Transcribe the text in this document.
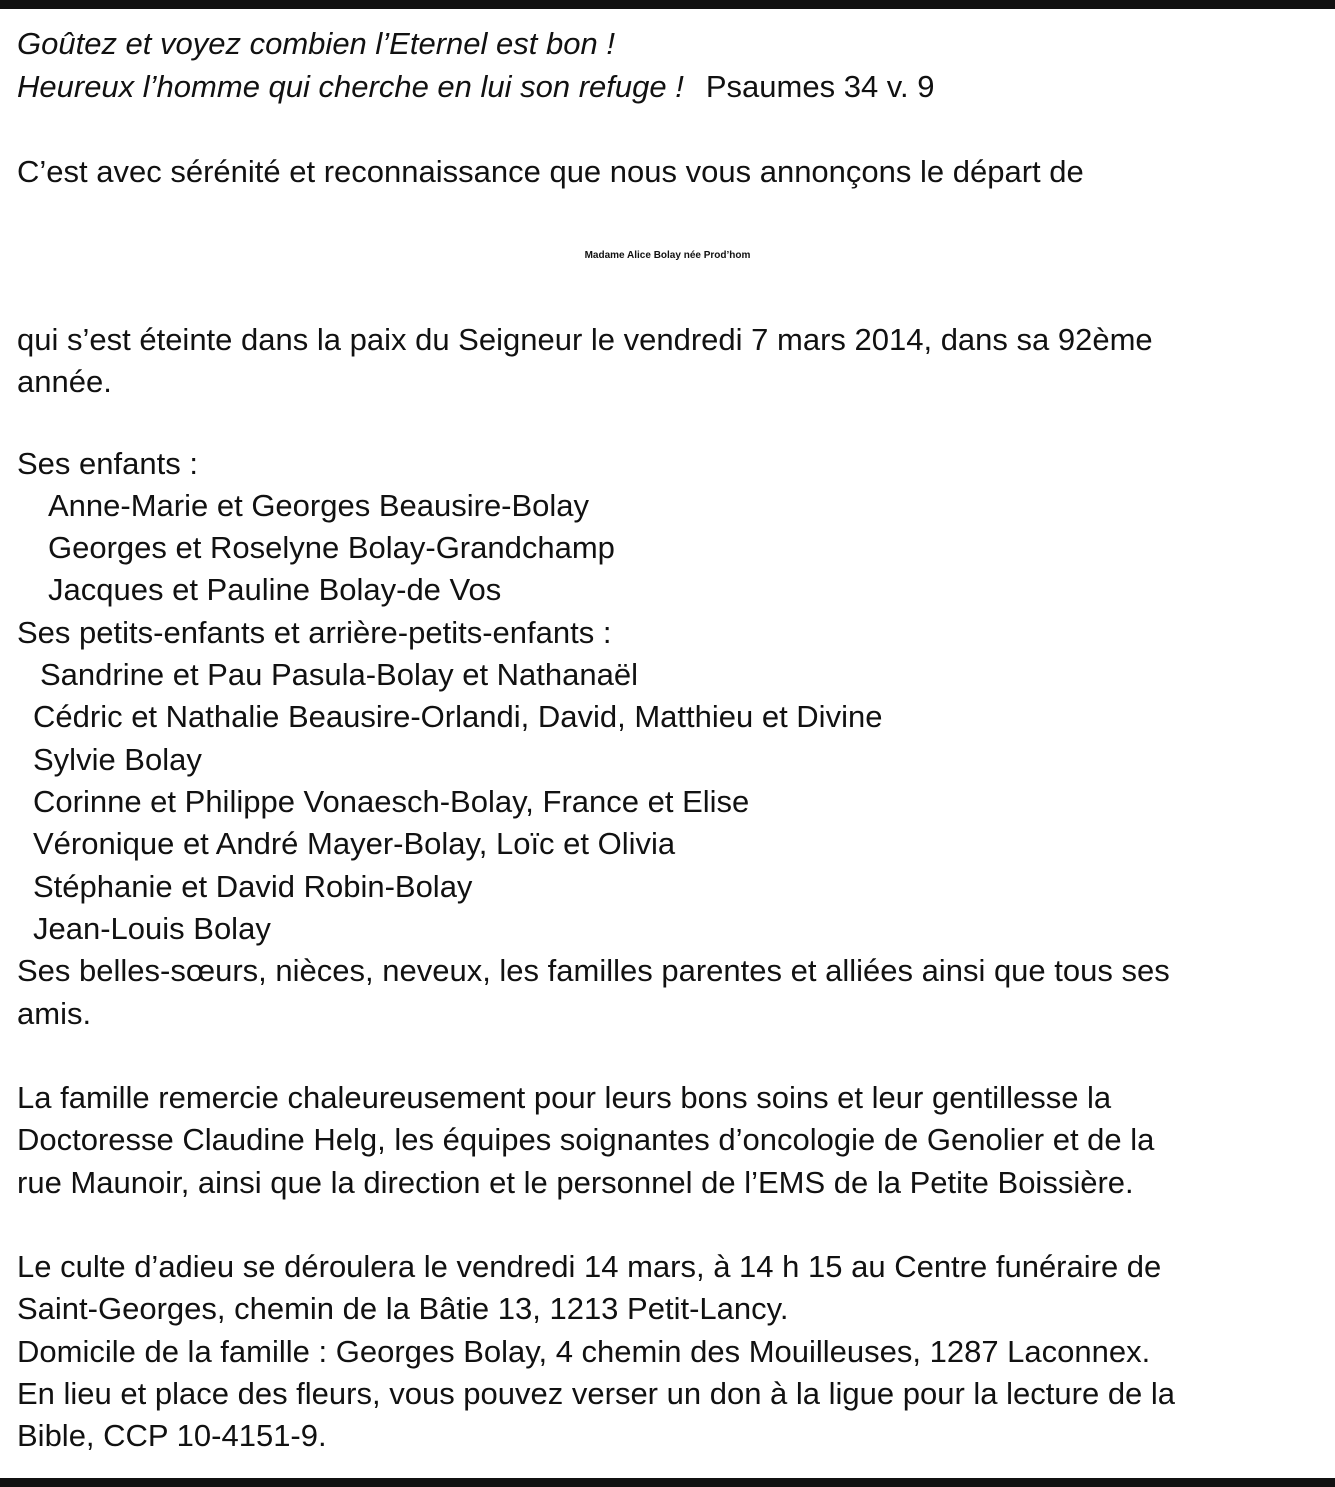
Goûtez et voyez combien l’Eternel est bon !
Heureux l’homme qui cherche en lui son refuge ! Psaumes 34 v. 9
C’est avec sérénité et reconnaissance que nous vous annonçons le départ de
Madame Alice Bolay née Prod’hom
qui s’est éteinte dans la paix du Seigneur le vendredi 7 mars 2014, dans sa 92ème
année.
Ses enfants :
Anne-Marie et Georges Beausire-Bolay
Georges et Roselyne Bolay-Grandchamp
Jacques et Pauline Bolay-de Vos
Ses petits-enfants et arrière-petits-enfants :
Sandrine et Pau Pasula-Bolay et Nathanaël
Cédric et Nathalie Beausire-Orlandi, David, Matthieu et Divine
Sylvie Bolay
Corinne et Philippe Vonaesch-Bolay, France et Elise
Véronique et André Mayer-Bolay, Loïc et Olivia
Stéphanie et David Robin-Bolay
Jean-Louis Bolay
Ses belles-sœurs, nièces, neveux, les familles parentes et alliées ainsi que tous ses
amis.
La famille remercie chaleureusement pour leurs bons soins et leur gentillesse la
Doctoresse Claudine Helg, les équipes soignantes d’oncologie de Genolier et de la
rue Maunoir, ainsi que la direction et le personnel de l’EMS de la Petite Boissière.
Le culte d’adieu se déroulera le vendredi 14 mars, à 14 h 15 au Centre funéraire de
Saint-Georges, chemin de la Bâtie 13, 1213 Petit-Lancy.
Domicile de la famille : Georges Bolay, 4 chemin des Mouilleuses, 1287 Laconnex.
En lieu et place des fleurs, vous pouvez verser un don à la ligue pour la lecture de la
Bible, CCP 10-4151-9.
